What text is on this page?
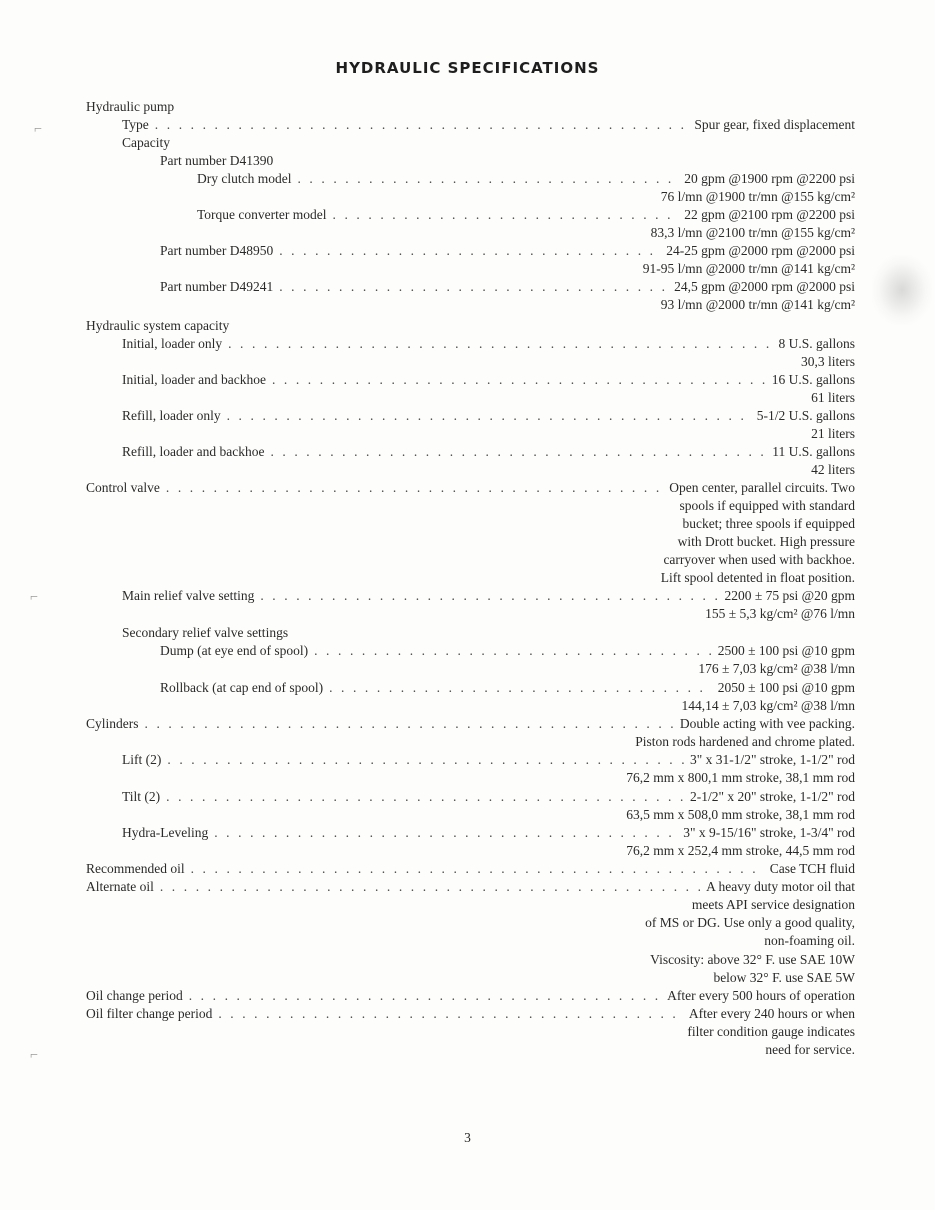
HYDRAULIC SPECIFICATIONS
Hydraulic pump
Type . . .	Spur gear, fixed displacement
Capacity
Part number D41390
Dry clutch model . . .	20 gpm @1900 rpm @2200 psi
76 l/mn @1900 tr/mn @155 kg/cm²
Torque converter model . . .	22 gpm @2100 rpm @2200 psi
83,3 l/mn @2100 tr/mn @155 kg/cm²
Part number D48950 . . .	24-25 gpm @2000 rpm @2000 psi
91-95 l/mn @2000 tr/mn @141 kg/cm²
Part number D49241 . . .	24,5 gpm @2000 rpm @2000 psi
93 l/mn @2000 tr/mn @141 kg/cm²
Hydraulic system capacity
Initial, loader only . . .	8 U.S. gallons
30,3 liters
Initial, loader and backhoe . . .	16 U.S. gallons
61 liters
Refill, loader only . . .	5-1/2 U.S. gallons
21 liters
Refill, loader and backhoe . . .	11 U.S. gallons
42 liters
Control valve . . .	Open center, parallel circuits. Two
spools if equipped with standard
bucket; three spools if equipped
with Drott bucket. High pressure
carryover when used with backhoe.
Lift spool detented in float position.
Main relief valve setting . . .	2200 ± 75 psi @20 gpm
155 ± 5,3 kg/cm² @76 l/mn
Secondary relief valve settings
Dump (at eye end of spool) . . .	2500 ± 100 psi @10 gpm
176 ± 7,03 kg/cm² @38 l/mn
Rollback (at cap end of spool) . . .	2050 ± 100 psi @10 gpm
144,14 ± 7,03 kg/cm² @38 l/mn
Cylinders . . .	Double acting with vee packing.
Piston rods hardened and chrome plated.
Lift (2) . . .	3" x 31-1/2" stroke, 1-1/2" rod
76,2 mm x 800,1 mm stroke, 38,1 mm rod
Tilt (2) . . .	2-1/2" x 20" stroke, 1-1/2" rod
63,5 mm x 508,0 mm stroke, 38,1 mm rod
Hydra-Leveling . . .	3" x 9-15/16" stroke, 1-3/4" rod
76,2 mm x 252,4 mm stroke, 44,5 mm rod
Recommended oil . . .	Case TCH fluid
Alternate oil . . .	A heavy duty motor oil that
meets API service designation
of MS or DG. Use only a good quality,
non-foaming oil.
Viscosity: above 32° F. use SAE 10W
below 32° F. use SAE 5W
Oil change period . . .	After every 500 hours of operation
Oil filter change period . . .	After every 240 hours or when
filter condition gauge indicates
need for service.
3
⌐
⌐
⌐
